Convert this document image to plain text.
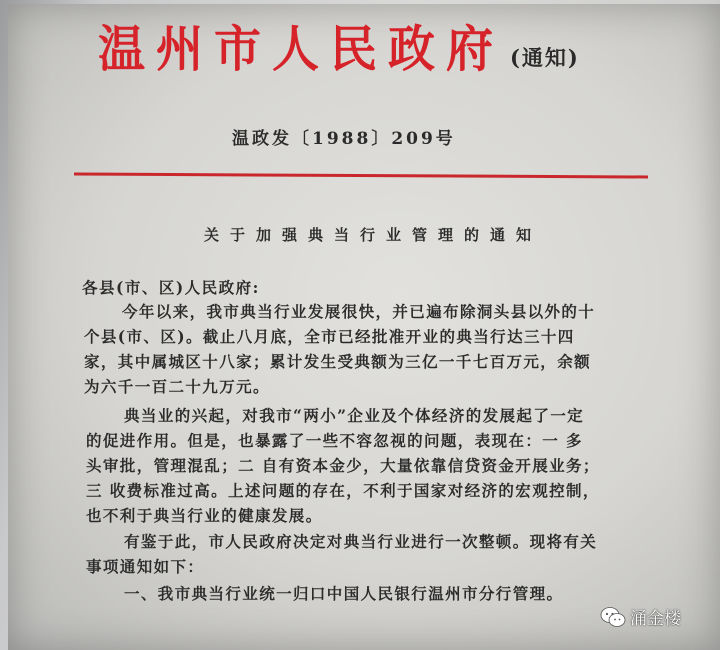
温州市人民政府 (通知)
温政发〔1988〕209号
关于加强典当行业管理的通知
各县(市、区)人民政府:
今年以来，我市典当行业发展很快，并已遍布除洞头县以外的十
个县(市、区)。截止八月底，全市已经批准开业的典当行达三十四
家，其中属城区十八家；累计发生受典额为三亿一千七百万元，余额
为六千一百二十九万元。
典当业的兴起，对我市“两小”企业及个体经济的发展起了一定
的促进作用。但是，也暴露了一些不容忽视的问题，表现在：一 多
头审批，管理混乱；二 自有资本金少，大量依靠信贷资金开展业务；
三 收费标准过高。上述问题的存在，不利于国家对经济的宏观控制，
也不利于典当行业的健康发展。
有鉴于此，市人民政府决定对典当行业进行一次整顿。现将有关
事项通知如下：
一、我市典当行业统一归口中国人民银行温州市分行管理。
涌金楼
